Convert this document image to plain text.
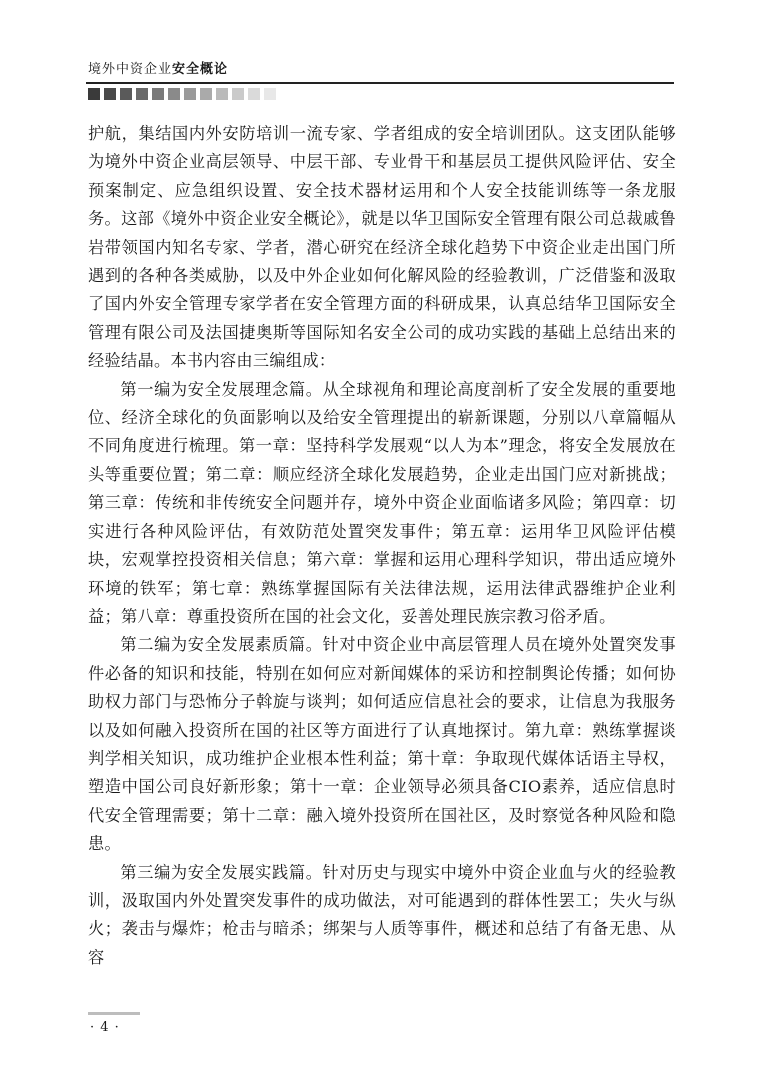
境外中资企业安全概论

护航，集结国内外安防培训一流专家、学者组成的安全培训团队。这支团队能够为境外中资企业高层领导、中层干部、专业骨干和基层员工提供风险评估、安全预案制定、应急组织设置、安全技术器材运用和个人安全技能训练等一条龙服务。这部《境外中资企业安全概论》，就是以华卫国际安全管理有限公司总裁戚鲁岩带领国内知名专家、学者，潜心研究在经济全球化趋势下中资企业走出国门所遇到的各种各类威胁，以及中外企业如何化解风险的经验教训，广泛借鉴和汲取了国内外安全管理专家学者在安全管理方面的科研成果，认真总结华卫国际安全管理有限公司及法国捷奥斯等国际知名安全公司的成功实践的基础上总结出来的经验结晶。本书内容由三编组成：

第一编为安全发展理念篇。从全球视角和理论高度剖析了安全发展的重要地位、经济全球化的负面影响以及给安全管理提出的崭新课题，分别以八章篇幅从不同角度进行梳理。第一章：坚持科学发展观“以人为本”理念，将安全发展放在头等重要位置；第二章：顺应经济全球化发展趋势，企业走出国门应对新挑战；第三章：传统和非传统安全问题并存，境外中资企业面临诸多风险；第四章：切实进行各种风险评估，有效防范处置突发事件；第五章：运用华卫风险评估模块，宏观掌控投资相关信息；第六章：掌握和运用心理科学知识，带出适应境外环境的铁军；第七章：熟练掌握国际有关法律法规，运用法律武器维护企业利益；第八章：尊重投资所在国的社会文化，妥善处理民族宗教习俗矛盾。

第二编为安全发展素质篇。针对中资企业中高层管理人员在境外处置突发事件必备的知识和技能，特别在如何应对新闻媒体的采访和控制舆论传播；如何协助权力部门与恐怖分子斡旋与谈判；如何适应信息社会的要求，让信息为我服务以及如何融入投资所在国的社区等方面进行了认真地探讨。第九章：熟练掌握谈判学相关知识，成功维护企业根本性利益；第十章：争取现代媒体话语主导权，塑造中国公司良好新形象；第十一章：企业领导必须具备CIO素养，适应信息时代安全管理需要；第十二章：融入境外投资所在国社区，及时察觉各种风险和隐患。

第三编为安全发展实践篇。针对历史与现实中境外中资企业血与火的经验教训，汲取国内外处置突发事件的成功做法，对可能遇到的群体性罢工；失火与纵火；袭击与爆炸；枪击与暗杀；绑架与人质等事件，概述和总结了有备无患、从容

· 4 ·
